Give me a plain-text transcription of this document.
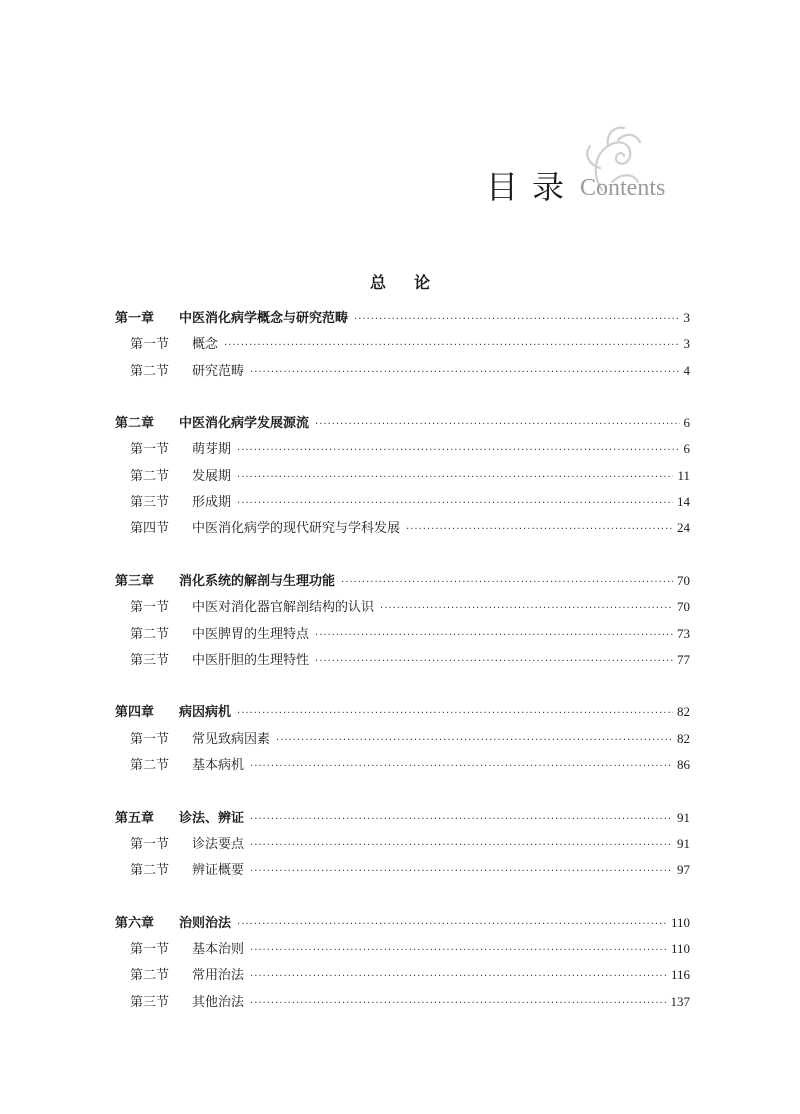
目录 Contents
总论
第一章	中医消化病学概念与研究范畴 ·····	3
第一节	概念 ·····	3
第二节	研究范畴 ·····	4
第二章	中医消化病学发展源流 ·····	6
第一节	萌芽期 ·····	6
第二节	发展期 ·····	11
第三节	形成期 ·····	14
第四节	中医消化病学的现代研究与学科发展 ·····	24
第三章	消化系统的解剖与生理功能 ·····	70
第一节	中医对消化器官解剖结构的认识 ·····	70
第二节	中医脾胃的生理特点 ·····	73
第三节	中医肝胆的生理特性 ·····	77
第四章	病因病机 ·····	82
第一节	常见致病因素 ·····	82
第二节	基本病机 ·····	86
第五章	诊法、辨证 ·····	91
第一节	诊法要点 ·····	91
第二节	辨证概要 ·····	97
第六章	治则治法 ·····	110
第一节	基本治则 ·····	110
第二节	常用治法 ·····	116
第三节	其他治法 ·····	137
